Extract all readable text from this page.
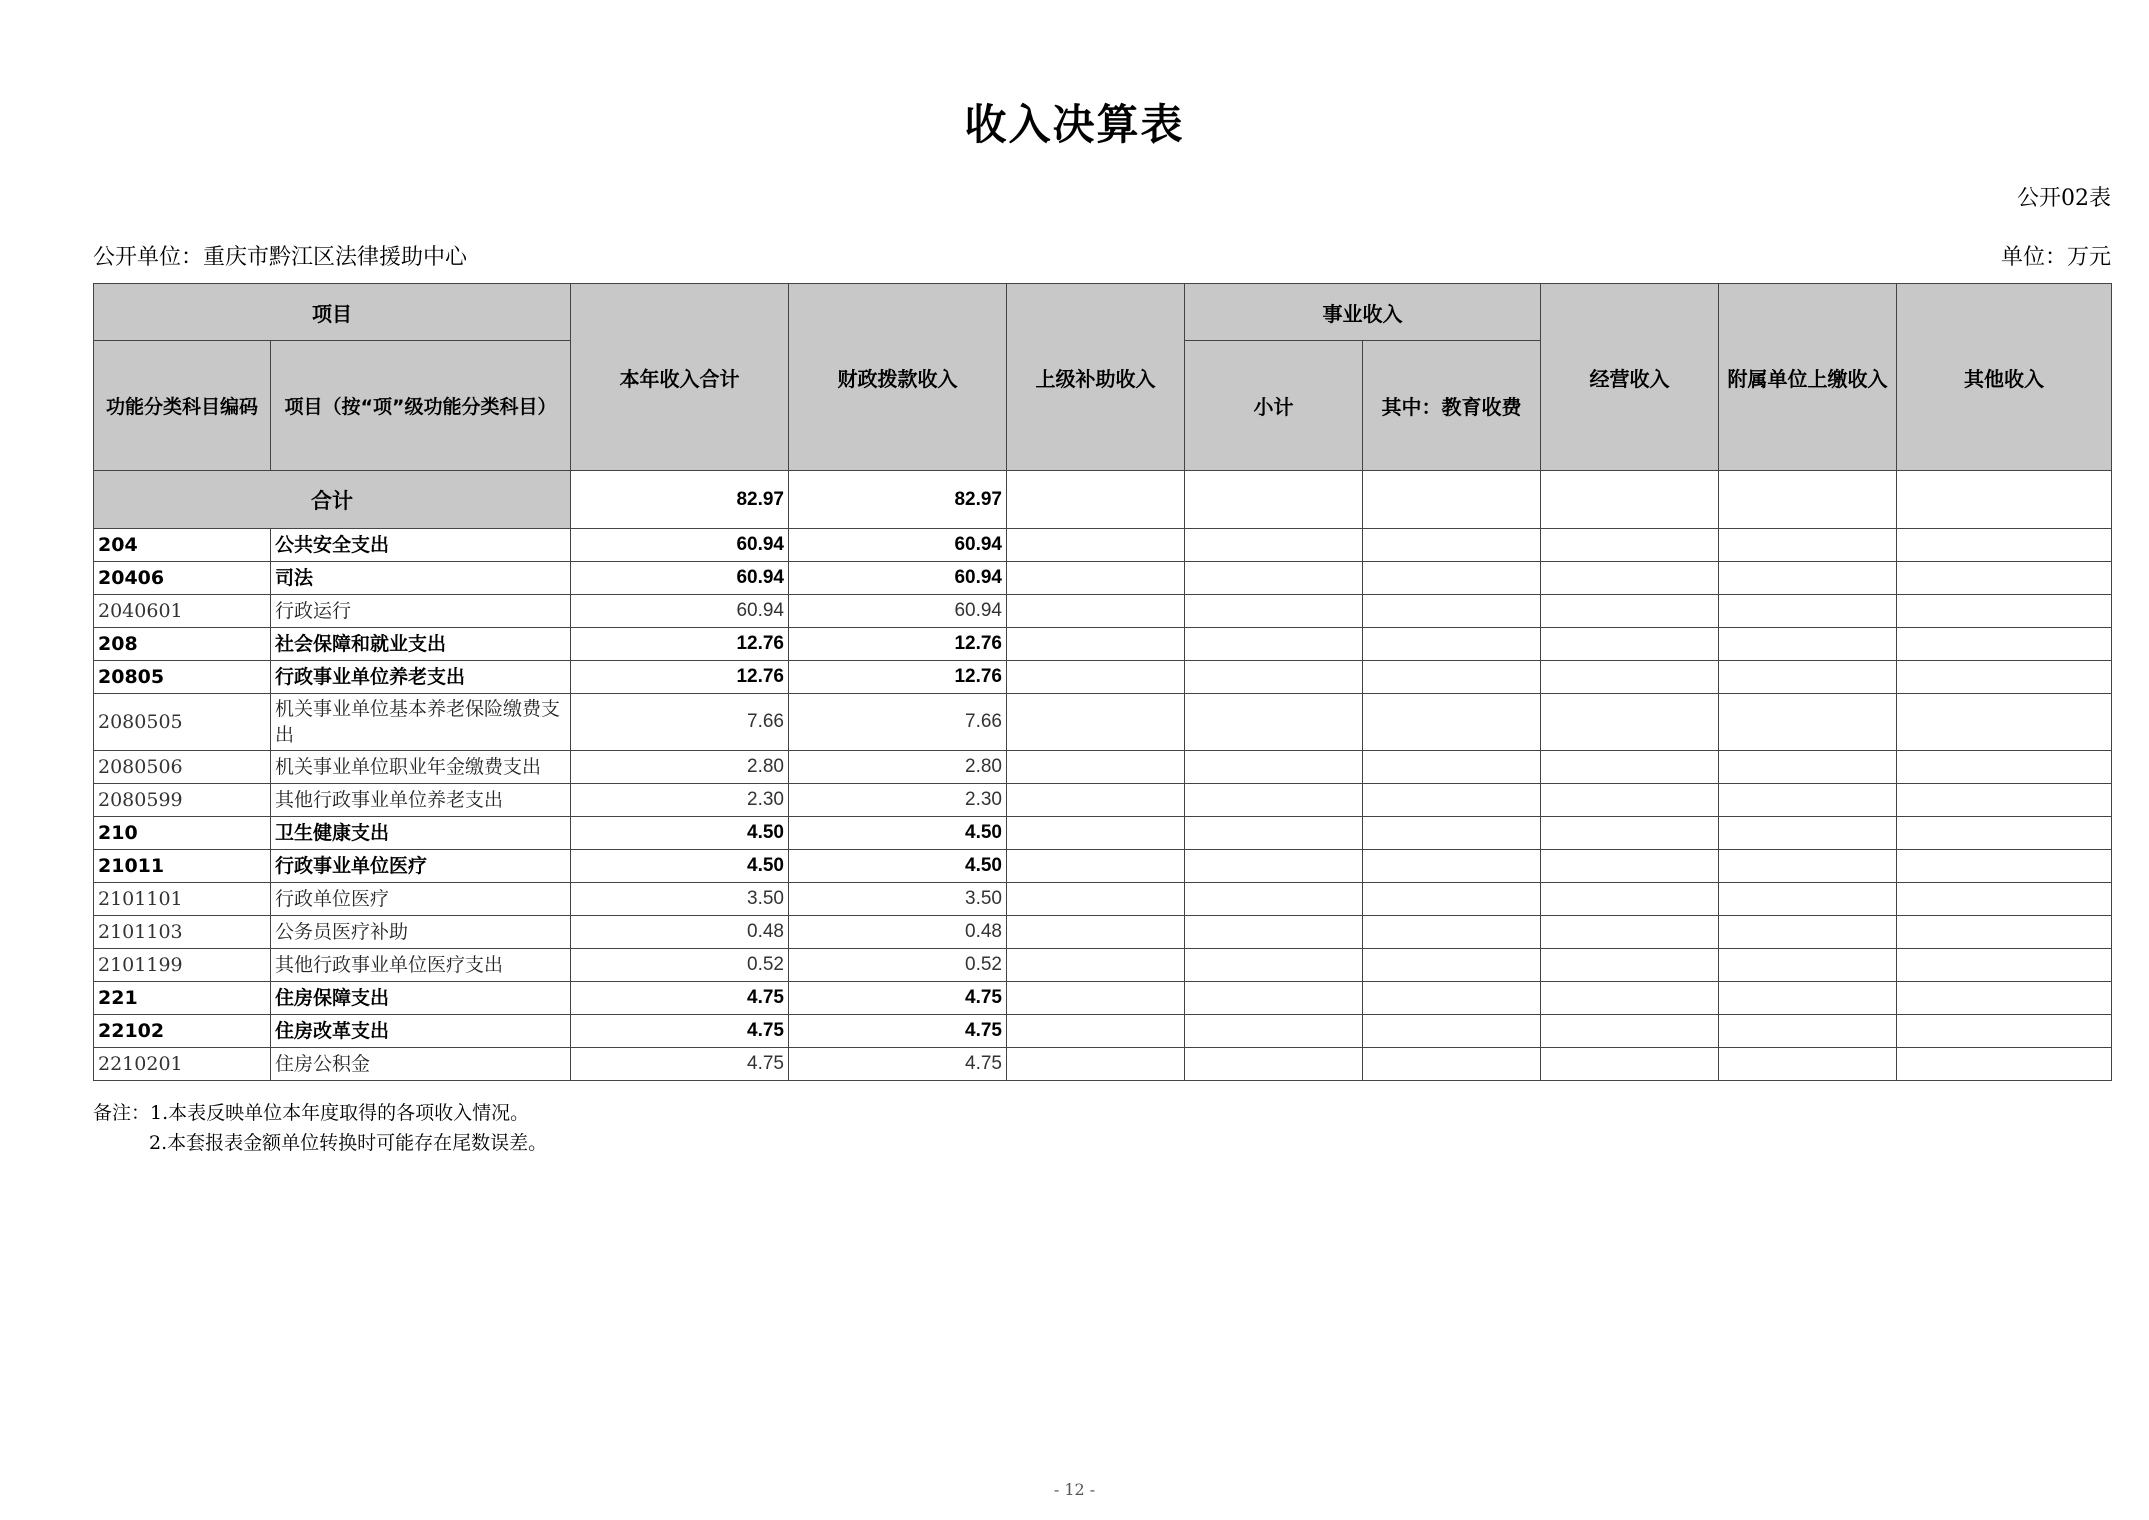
收入决算表
公开02表
公开单位：重庆市黔江区法律援助中心	单位：万元
项目		本年收入合计	财政拨款收入	上级补助收入	事业收入		经营收入	附属单位上缴收入	其他收入
功能分类科目编码	项目（按“项”级功能分类科目）				小计	其中：教育收费			
合计		82.97	82.97						
204	公共安全支出	60.94	60.94						
20406	司法	60.94	60.94						
2040601	行政运行	60.94	60.94						
208	社会保障和就业支出	12.76	12.76						
20805	行政事业单位养老支出	12.76	12.76						
2080505	机关事业单位基本养老保险缴费支出	7.66	7.66						
2080506	机关事业单位职业年金缴费支出	2.80	2.80						
2080599	其他行政事业单位养老支出	2.30	2.30						
210	卫生健康支出	4.50	4.50						
21011	行政事业单位医疗	4.50	4.50						
2101101	行政单位医疗	3.50	3.50						
2101103	公务员医疗补助	0.48	0.48						
2101199	其他行政事业单位医疗支出	0.52	0.52						
221	住房保障支出	4.75	4.75						
22102	住房改革支出	4.75	4.75						
2210201	住房公积金	4.75	4.75						
备注：1.本表反映单位本年度取得的各项收入情况。
2.本套报表金额单位转换时可能存在尾数误差。
- 12 -
